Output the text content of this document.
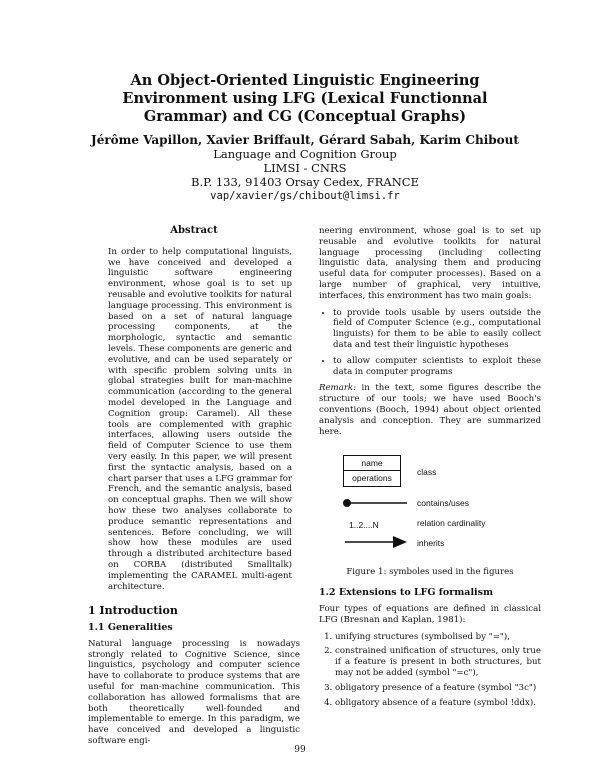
An Object-Oriented Linguistic Engineering Environment using LFG (Lexical Functionnal Grammar) and CG (Conceptual Graphs)
Jérôme Vapillon, Xavier Briffault, Gérard Sabah, Karim Chibout
Language and Cognition Group
LIMSI - CNRS
B.P. 133, 91403 Orsay Cedex, FRANCE
vap/xavier/gs/chibout@limsi.fr
Abstract
In order to help computational linguists, we have conceived and developed a linguistic software engineering environment, whose goal is to set up reusable and evolutive toolkits for natural language processing. This environment is based on a set of natural language processing components, at the morphologic, syntactic and semantic levels. These components are generic and evolutive, and can be used separately or with specific problem solving units in global strategies built for man-machine communication (according to the general model developed in the Language and Cognition group: Caramel). All these tools are complemented with graphic interfaces, allowing users outside the field of Computer Science to use them very easily. In this paper, we will present first the syntactic analysis, based on a chart parser that uses a LFG grammar for French, and the semantic analysis, based on conceptual graphs. Then we will show how these two analyses collaborate to produce semantic representations and sentences. Before concluding, we will show how these modules are used through a distributed architecture based on CORBA (distributed Smalltalk) implementing the CARAMEL multi-agent architecture.
1 Introduction
1.1 Generalities

Natural language processing is nowadays strongly related to Cognitive Science, since linguistics, psychology and computer science have to collaborate to produce systems that are useful for man-machine communication. This collaboration has allowed formalisms that are both theoretically well-founded and implementable to emerge. In this paradigm, we have conceived and developed a linguistic software engi-

neering environment, whose goal is to set up reusable and evolutive toolkits for natural language processing (including collecting linguistic data, analysing them and producing useful data for computer processes). Based on a large number of graphical, very intuitive, interfaces, this environment has two main goals:

• to provide tools usable by users outside the field of Computer Science (e.g., computational linguists) for them to be able to easily collect data and test their linguistic hypotheses
• to allow computer scientists to exploit these data in computer programs

Remark: in the text, some figures describe the structure of our tools; we have used Booch's conventions (Booch, 1994) about object oriented analysis and conception. They are summarized here.

name
operations
class
contains/uses
1..2....N	relation cardinality
inherits
Figure 1: symboles used in the figures
1.2 Extensions to LFG formalism

Four types of equations are defined in classical LFG (Bresnan and Kaplan, 1981):

1. unifying structures (symbolised by "="),
2. constrained unification of structures, only true if a feature is present in both structures, but may not be added (symbol "=c"),
3. obligatory presence of a feature (symbol "3c")
4. obligatory absence of a feature (symbol !ddx).
99
